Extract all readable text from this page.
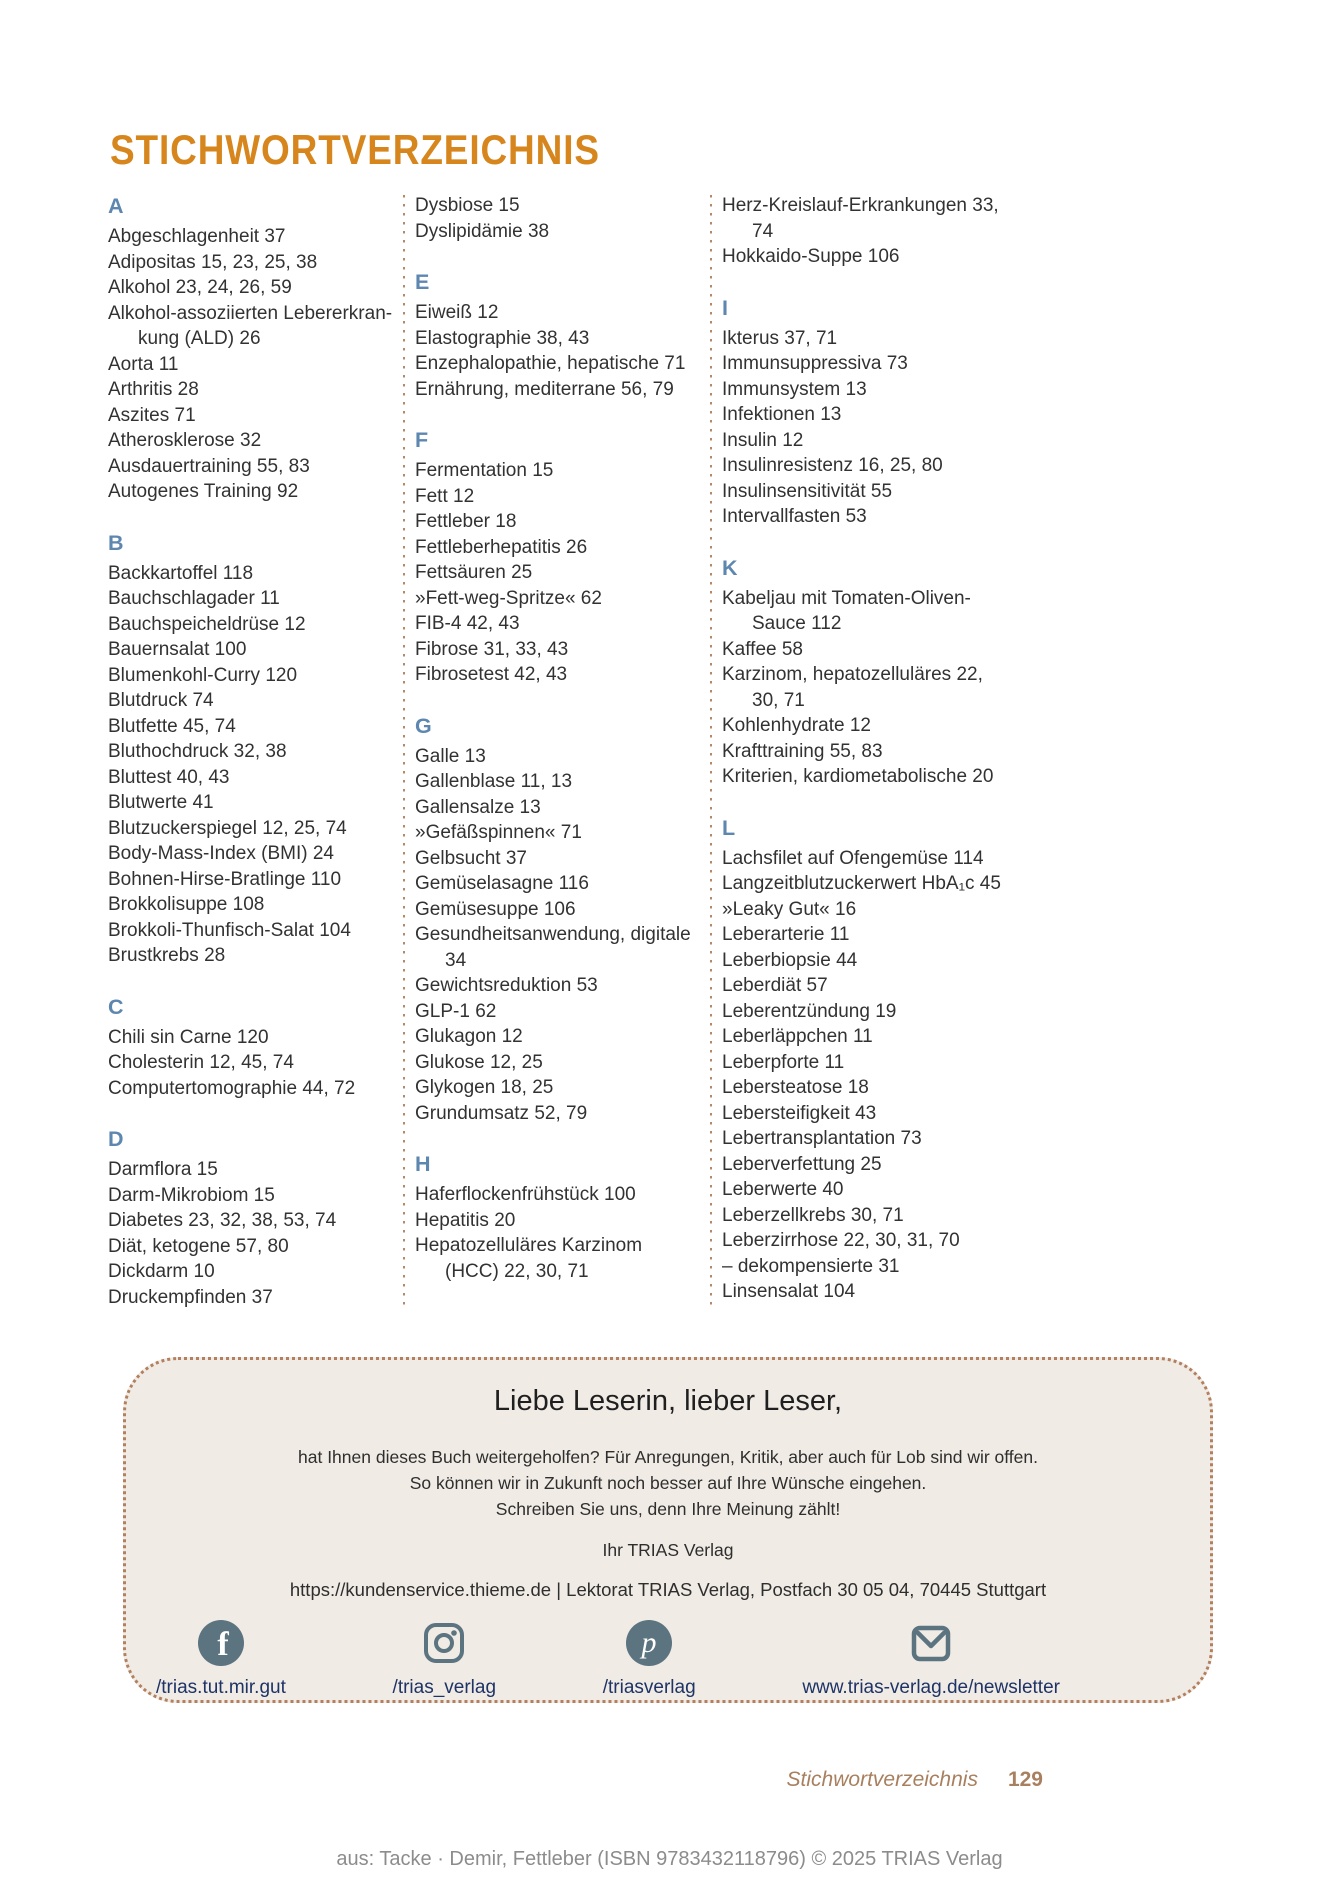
STICHWORTVERZEICHNIS
A
Abgeschlagenheit 37
Adipositas 15, 23, 25, 38
Alkohol 23, 24, 26, 59
Alkohol-assoziierten Lebererkrankung (ALD) 26
Aorta 11
Arthritis 28
Aszites 71
Atherosklerose 32
Ausdauertraining 55, 83
Autogenes Training 92
B
Backkartoffel 118
Bauchschlagader 11
Bauchspeicheldrüse 12
Bauernsalat 100
Blumenkohl-Curry 120
Blutdruck 74
Blutfette 45, 74
Bluthochdruck 32, 38
Bluttest 40, 43
Blutwerte 41
Blutzuckerspiegel 12, 25, 74
Body-Mass-Index (BMI) 24
Bohnen-Hirse-Bratlinge 110
Brokkolisuppe 108
Brokkoli-Thunfisch-Salat 104
Brustkrebs 28
C
Chili sin Carne 120
Cholesterin 12, 45, 74
Computertomographie 44, 72
D
Darmflora 15
Darm-Mikrobiom 15
Diabetes 23, 32, 38, 53, 74
Diät, ketogene 57, 80
Dickdarm 10
Druckempfinden 37
Dysbiose 15
Dyslipidämie 38
E
Eiweiß 12
Elastographie 38, 43
Enzephalopathie, hepatische 71
Ernährung, mediterrane 56, 79
F
Fermentation 15
Fett 12
Fettleber 18
Fettleberhepatitis 26
Fettsäuren 25
»Fett-weg-Spritze« 62
FIB-4 42, 43
Fibrose 31, 33, 43
Fibrosetest 42, 43
G
Galle 13
Gallenblase 11, 13
Gallensalze 13
»Gefäßspinnen« 71
Gelbsucht 37
Gemüselasagne 116
Gemüsesuppe 106
Gesundheitsanwendung, digitale 34
Gewichtsreduktion 53
GLP-1 62
Glukagon 12
Glukose 12, 25
Glykogen 18, 25
Grundumsatz 52, 79
H
Haferflockenfrühstück 100
Hepatitis 20
Hepatozelluläres Karzinom (HCC) 22, 30, 71
Herz-Kreislauf-Erkrankungen 33, 74
Hokkaido-Suppe 106
I
Ikterus 37, 71
Immunsuppressiva 73
Immunsystem 13
Infektionen 13
Insulin 12
Insulinresistenz 16, 25, 80
Insulinsensitivität 55
Intervallfasten 53
K
Kabeljau mit Tomaten-Oliven-Sauce 112
Kaffee 58
Karzinom, hepatozelluläres 22, 30, 71
Kohlenhydrate 12
Krafttraining 55, 83
Kriterien, kardiometabolische 20
L
Lachsfilet auf Ofengemüse 114
Langzeitblutzuckerwert HbA₁c 45
»Leaky Gut« 16
Leberarterie 11
Leberbiopsie 44
Leberdiät 57
Leberentzündung 19
Leberläppchen 11
Leberpforte 11
Lebersteatose 18
Lebersteifigkeit 43
Lebertransplantation 73
Leberverfettung 25
Leberwerte 40
Leberzellkrebs 30, 71
Leberzirrhose 22, 30, 31, 70
– dekompensierte 31
Linsensalat 104
Liebe Leserin, lieber Leser,
hat Ihnen dieses Buch weitergeholfen? Für Anregungen, Kritik, aber auch für Lob sind wir offen.
So können wir in Zukunft noch besser auf Ihre Wünsche eingehen.
Schreiben Sie uns, denn Ihre Meinung zählt!
Ihr TRIAS Verlag
https://kundenservice.thieme.de | Lektorat TRIAS Verlag, Postfach 30 05 04, 70445 Stuttgart
f
/trias.tut.mir.gut	/trias_verlag
p
/triasverlag	www.trias-verlag.de/newsletter
Stichwortverzeichnis 129
aus: Tacke · Demir, Fettleber (ISBN 9783432118796) © 2025 TRIAS Verlag
